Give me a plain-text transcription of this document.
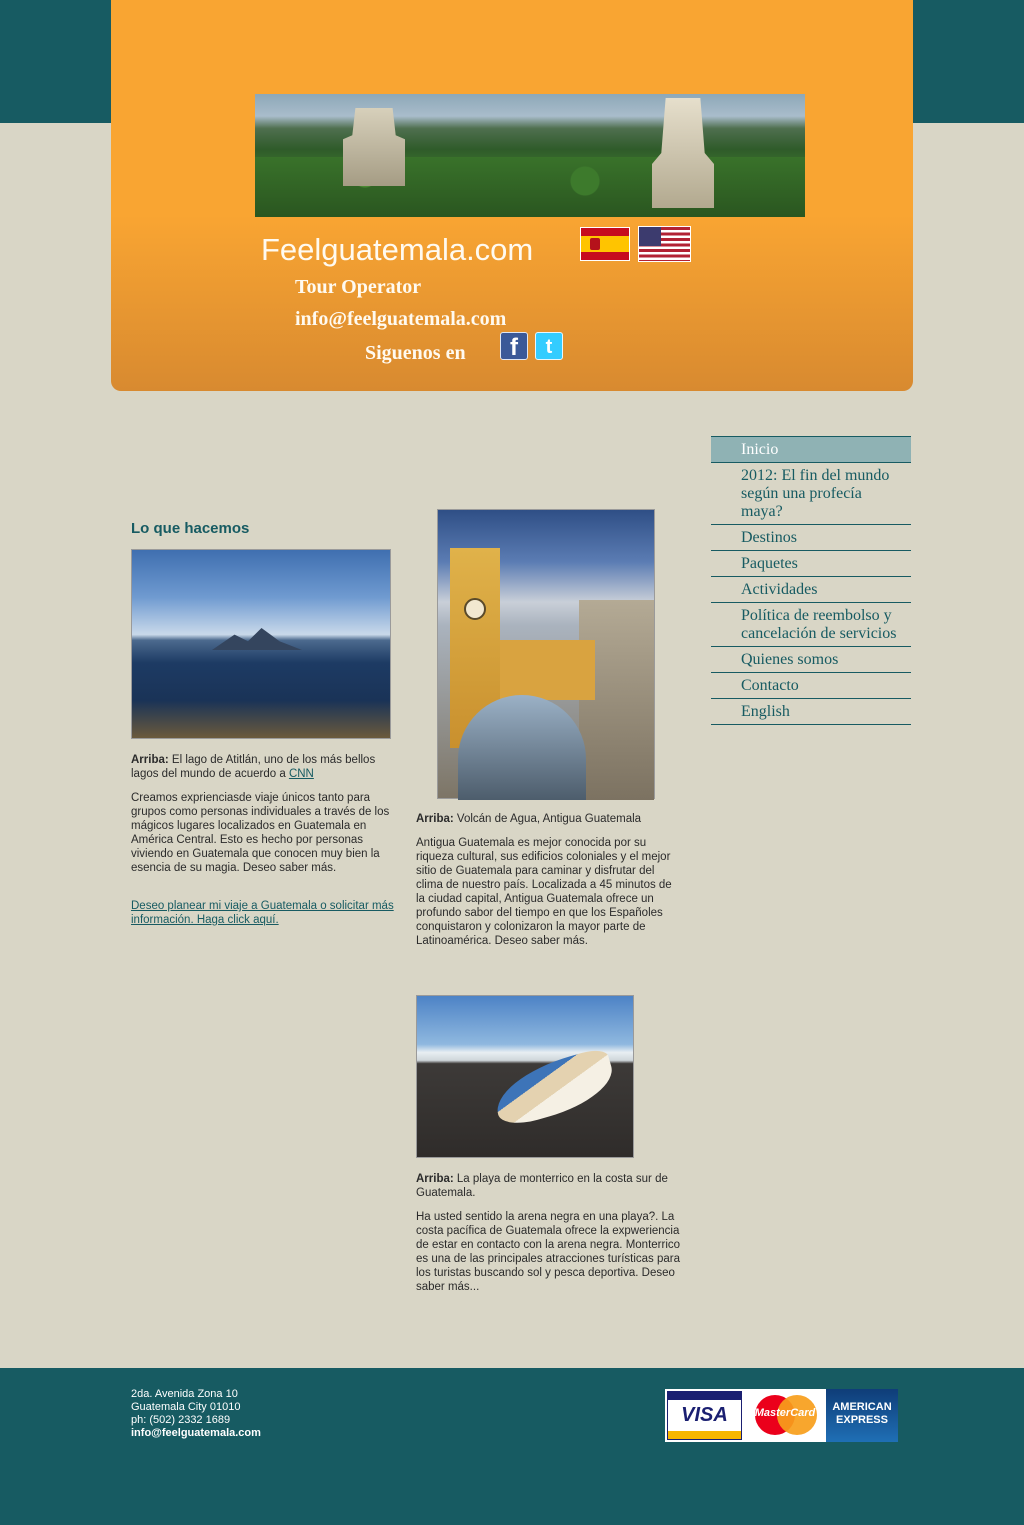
Feelguatemala.com
Tour Operator
info@feelguatemala.com
Siguenos en	f	t
Inicio
2012: El fin del mundo según una profecía maya?
Destinos
Paquetes
Actividades
Política de reembolso y cancelación de servicios
Quienes somos
Contacto
English
Lo que hacemos
Arriba: El lago de Atitlán, uno de los más bellos lagos del mundo de acuerdo a CNN
Creamos exprienciasde viaje únicos tanto para grupos como personas individuales a través de los mágicos lugares localizados en Guatemala en América Central. Esto es hecho por personas viviendo en Guatemala que conocen muy bien la esencia de su magia. Deseo saber más.
Deseo planear mi viaje a Guatemala o solicitar más información. Haga click aquí.
Arriba: Volcán de Agua, Antigua Guatemala
Antigua Guatemala es mejor conocida por su riqueza cultural, sus edificios coloniales y el mejor sitio de Guatemala para caminar y disfrutar del clima de nuestro país. Localizada a 45 minutos de la ciudad capital, Antigua Guatemala ofrece un profundo sabor del tiempo en que los Españoles conquistaron y colonizaron la mayor parte de Latinoamérica. Deseo saber más.
Arriba: La playa de monterrico en la costa sur de Guatemala.
Ha usted sentido la arena negra en una playa?. La costa pacífica de Guatemala ofrece la expweriencia de estar en contacto con la arena negra. Monterrico es una de las principales atracciones turísticas para los turistas buscando sol y pesca deportiva. Deseo saber más...
2da. Avenida Zona 10
Guatemala City 01010
ph: (502) 2332 1689
info@feelguatemala.com
VISA	MasterCard	AMERICAN
EXPRESS
